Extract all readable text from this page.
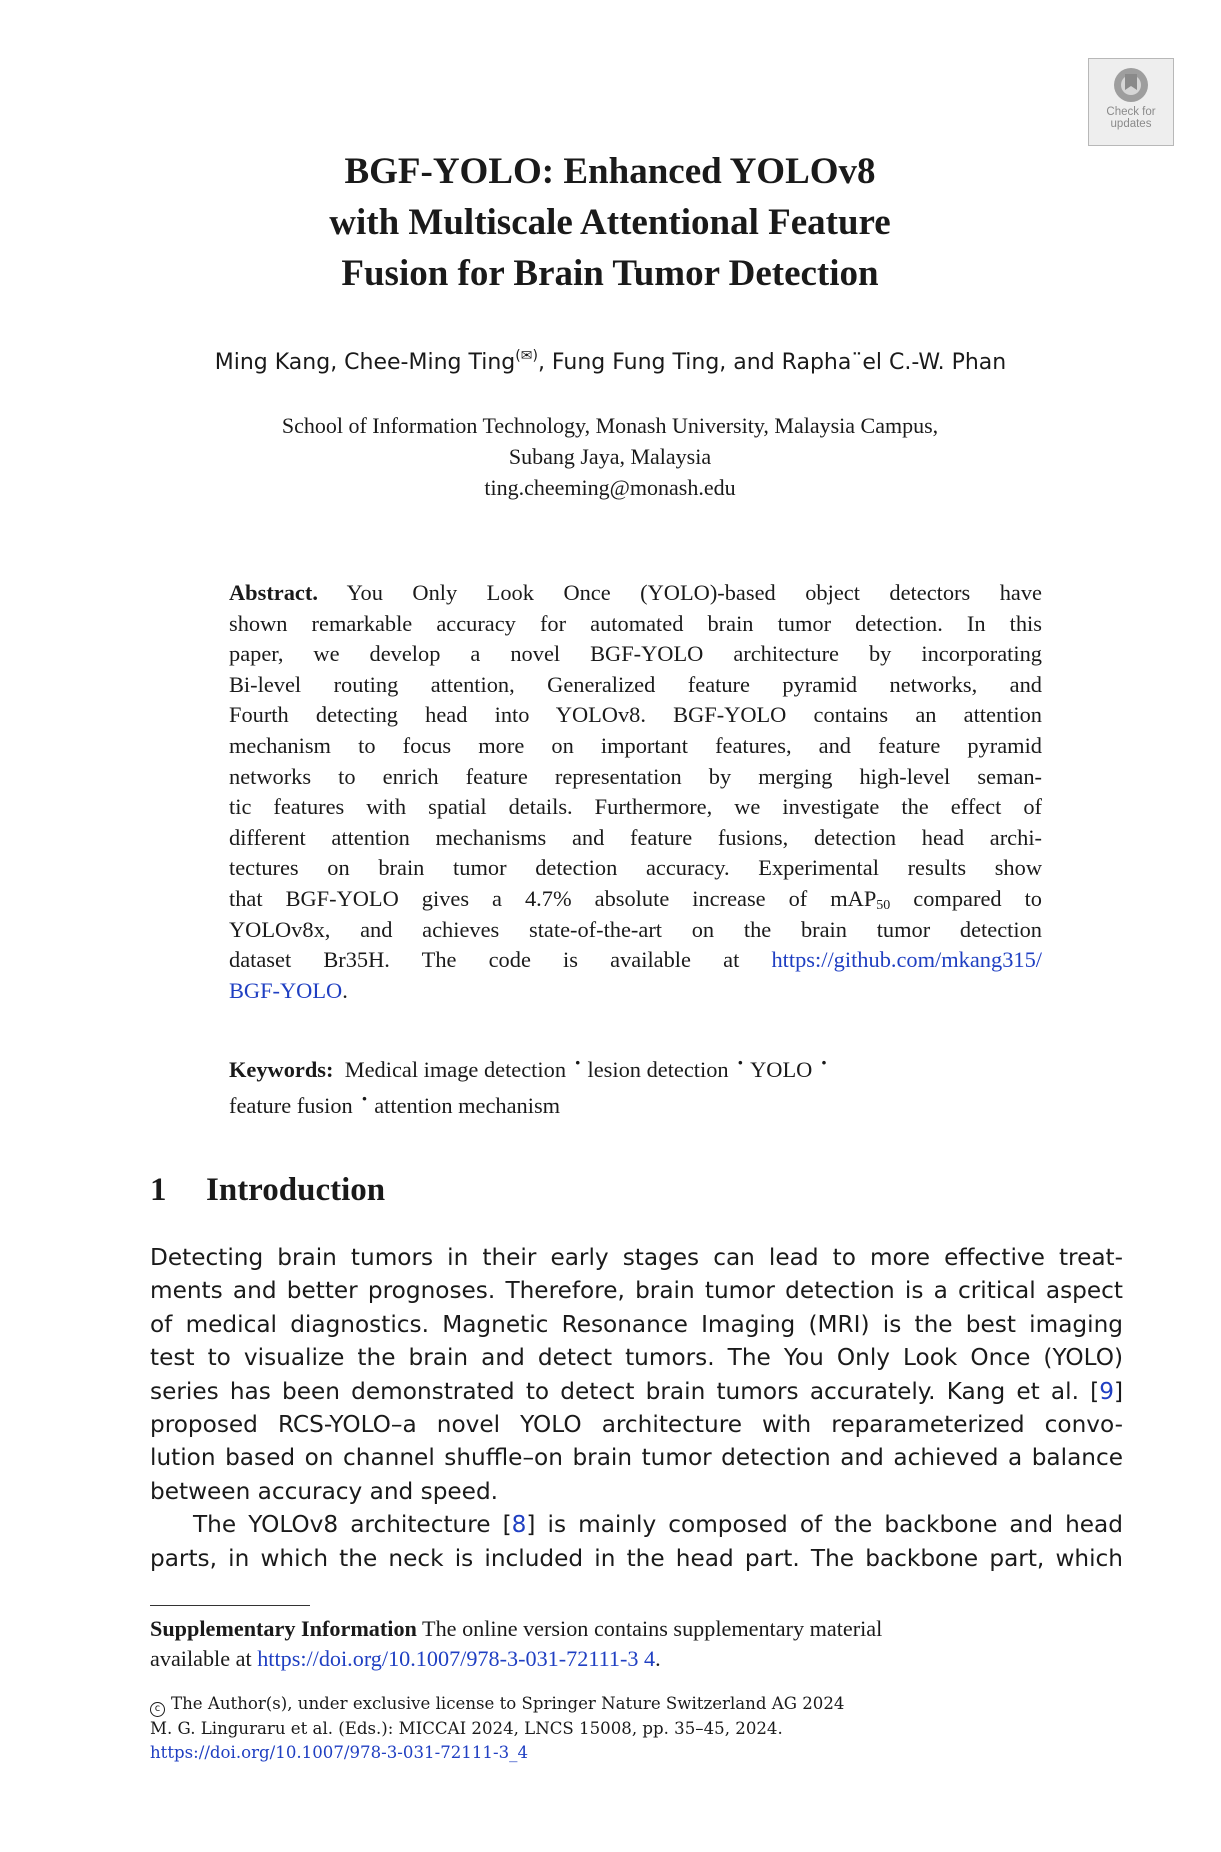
Check for
updates
BGF-YOLO: Enhanced YOLOv8
with Multiscale Attentional Feature
Fusion for Brain Tumor Detection
Ming Kang, Chee-Ming Ting(✉), Fung Fung Ting, and Rapha¨el C.-W. Phan
School of Information Technology, Monash University, Malaysia Campus,
Subang Jaya, Malaysia
ting.cheeming@monash.edu
Abstract. You Only Look Once (YOLO)-based object detectors have
shown remarkable accuracy for automated brain tumor detection. In this
paper, we develop a novel BGF-YOLO architecture by incorporating
Bi-level routing attention, Generalized feature pyramid networks, and
Fourth detecting head into YOLOv8. BGF-YOLO contains an attention
mechanism to focus more on important features, and feature pyramid
networks to enrich feature representation by merging high-level seman-
tic features with spatial details. Furthermore, we investigate the effect of
different attention mechanisms and feature fusions, detection head archi-
tectures on brain tumor detection accuracy. Experimental results show
that BGF-YOLO gives a 4.7% absolute increase of mAP$_{50}$ compared to
YOLOv8x, and achieves state-of-the-art on the brain tumor detection
dataset Br35H. The code is available at https://github.com/mkang315/
BGF-YOLO.
Keywords: Medical image detection · lesion detection · YOLO ·
feature fusion · attention mechanism
1 Introduction
Detecting brain tumors in their early stages can lead to more effective treat-
ments and better prognoses. Therefore, brain tumor detection is a critical aspect
of medical diagnostics. Magnetic Resonance Imaging (MRI) is the best imaging
test to visualize the brain and detect tumors. The You Only Look Once (YOLO)
series has been demonstrated to detect brain tumors accurately. Kang et al. [9]
proposed RCS-YOLO–a novel YOLO architecture with reparameterized convo-
lution based on channel shuffle–on brain tumor detection and achieved a balance
between accuracy and speed.
The YOLOv8 architecture [8] is mainly composed of the backbone and head
parts, in which the neck is included in the head part. The backbone part, which
Supplementary Information The online version contains supplementary material
available at https://doi.org/10.1007/978-3-031-72111-3 4.
c The Author(s), under exclusive license to Springer Nature Switzerland AG 2024
M. G. Linguraru et al. (Eds.): MICCAI 2024, LNCS 15008, pp. 35–45, 2024.
https://doi.org/10.1007/978-3-031-72111-3_4
